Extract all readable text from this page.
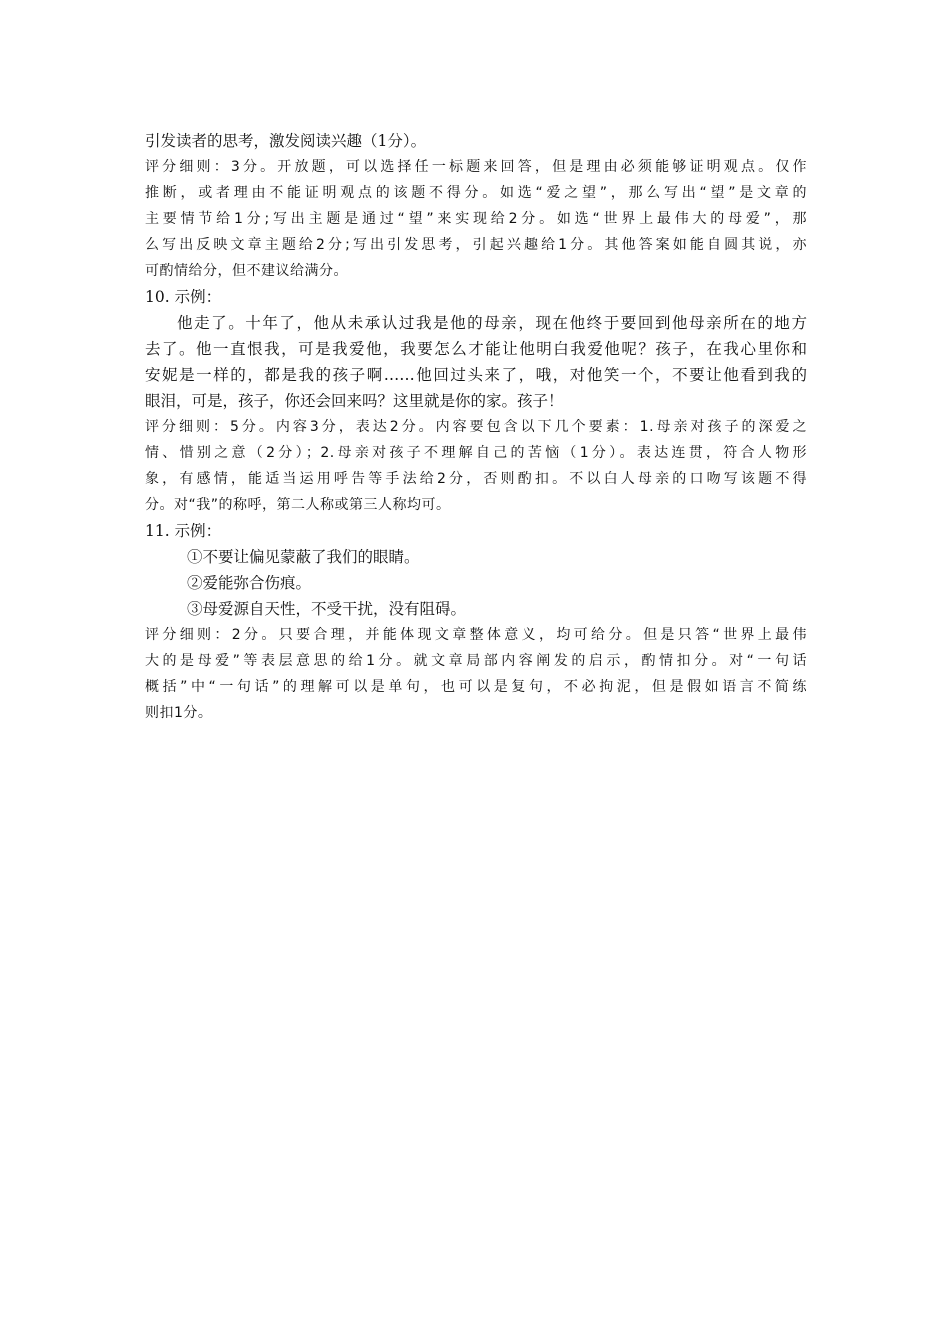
引发读者的思考，激发阅读兴趣（1分）。
评分细则：3分。开放题，可以选择任一标题来回答，但是理由必须能够证明观点。仅作
推断，或者理由不能证明观点的该题不得分。如选“爱之望”，那么写出“望”是文章的
主要情节给1分;写出主题是通过“望”来实现给2分。如选“世界上最伟大的母爱”，那
么写出反映文章主题给2分;写出引发思考，引起兴趣给1分。其他答案如能自圆其说，亦
可酌情给分，但不建议给满分。
10. 示例：
他走了。十年了，他从未承认过我是他的母亲，现在他终于要回到他母亲所在的地方
去了。他一直恨我，可是我爱他，我要怎么才能让他明白我爱他呢？孩子，在我心里你和
安妮是一样的，都是我的孩子啊……他回过头来了，哦，对他笑一个，不要让他看到我的
眼泪，可是，孩子，你还会回来吗？这里就是你的家。孩子！
评分细则：5分。内容3分，表达2分。内容要包含以下几个要素：1.母亲对孩子的深爱之
情、惜别之意（2分）；2.母亲对孩子不理解自己的苦恼（1分）。表达连贯，符合人物形
象，有感情，能适当运用呼告等手法给2分，否则酌扣。不以白人母亲的口吻写该题不得
分。对“我”的称呼，第二人称或第三人称均可。
11. 示例：
①不要让偏见蒙蔽了我们的眼睛。
②爱能弥合伤痕。
③母爱源自天性，不受干扰，没有阻碍。
评分细则：2分。只要合理，并能体现文章整体意义，均可给分。但是只答“世界上最伟
大的是母爱”等表层意思的给1分。就文章局部内容阐发的启示，酌情扣分。对“一句话
概括”中“一句话”的理解可以是单句，也可以是复句，不必拘泥，但是假如语言不简练
则扣1分。
